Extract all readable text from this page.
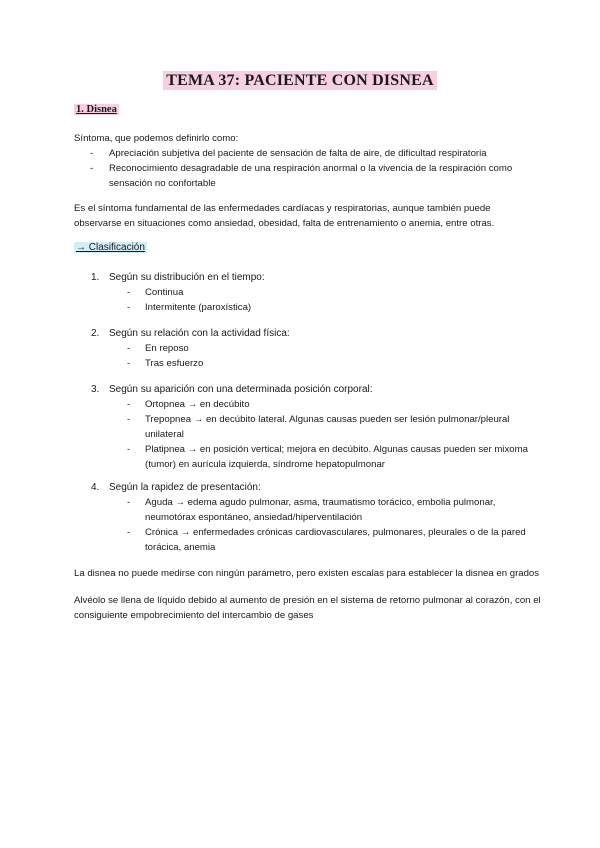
TEMA 37: PACIENTE CON DISNEA
1. Disnea
Síntoma, que podemos definirlo como:
- Apreciación subjetiva del paciente de sensación de falta de aire, de dificultad respiratoria
- Reconocimiento desagradable de una respiración anormal o la vivencia de la respiración como sensación no confortable
Es el síntoma fundamental de las enfermedades cardíacas y respiratorias, aunque también puede observarse en situaciones como ansiedad, obesidad, falta de entrenamiento o anemia, entre otras.
→ Clasificación
1. Según su distribución en el tiempo:
- Continua
- Intermitente (paroxística)
2. Según su relación con la actividad física:
- En reposo
- Tras esfuerzo
3. Según su aparición con una determinada posición corporal:
- Ortopnea → en decúbito
- Trepopnea → en decúbito lateral. Algunas causas pueden ser lesión pulmonar/pleural unilateral
- Platipnea → en posición vertical; mejora en decúbito. Algunas causas pueden ser mixoma (tumor) en aurícula izquierda, síndrome hepatopulmonar
4. Según la rapidez de presentación:
- Aguda → edema agudo pulmonar, asma, traumatismo torácico, embolia pulmonar, neumotórax espontáneo, ansiedad/hiperventilación
- Crónica → enfermedades crónicas cardiovasculares, pulmonares, pleurales o de la pared torácica, anemia
La disnea no puede medirse con ningún parámetro, pero existen escalas para establecer la disnea en grados
Alvéolo se llena de líquido debido al aumento de presión en el sistema de retorno pulmonar al corazón, con el consiguiente empobrecimiento del intercambio de gases
